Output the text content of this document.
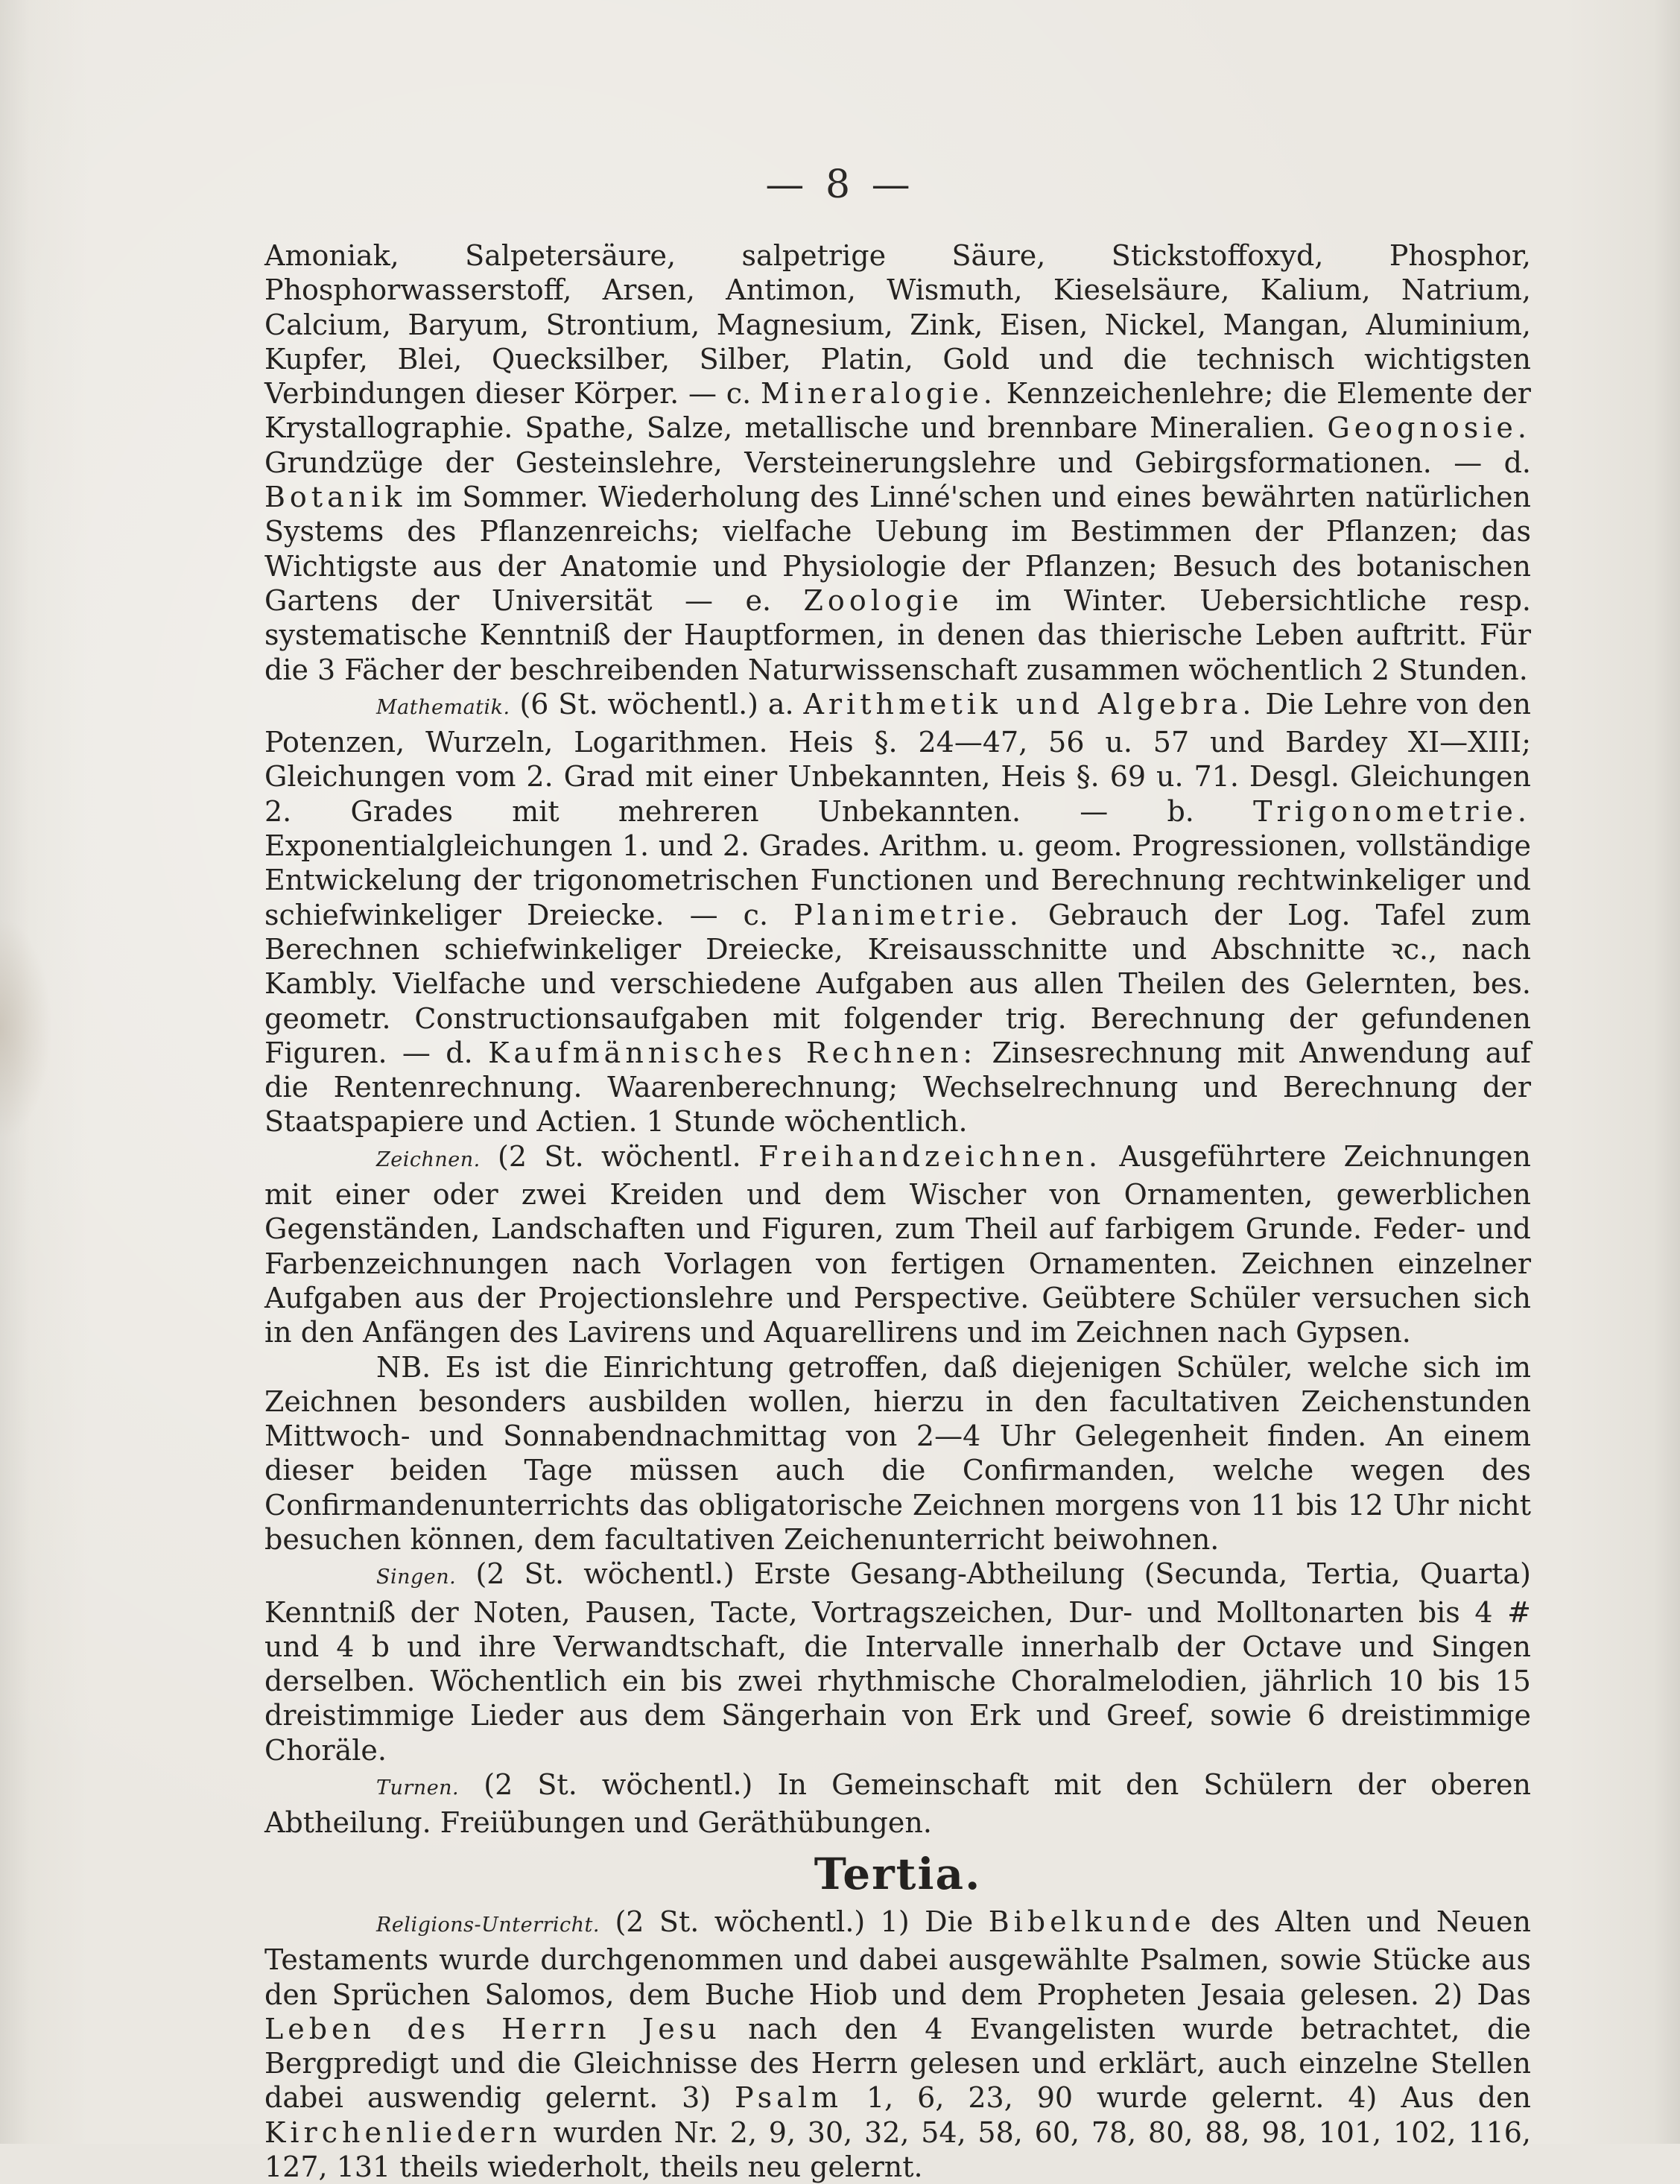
— 8 —

Amoniak, Salpetersäure, salpetrige Säure, Stickstoffoxyd, Phosphor, Phosphorwasserstoff, Arsen, Antimon, Wismuth, Kieselsäure, Kalium, Natrium, Calcium, Baryum, Strontium, Magnesium, Zink, Eisen, Nickel, Mangan, Aluminium, Kupfer, Blei, Quecksilber, Silber, Platin, Gold und die technisch wichtigsten Verbindungen dieser Körper. — c. Mineralogie. Kennzeichenlehre; die Elemente der Krystallographie. Spathe, Salze, metallische und brennbare Mineralien. Geognosie. Grundzüge der Gesteinslehre, Versteinerungslehre und Gebirgsformationen. — d. Botanik im Sommer. Wiederholung des Linné'schen und eines bewährten natürlichen Systems des Pflanzenreichs; vielfache Uebung im Bestimmen der Pflanzen; das Wichtigste aus der Anatomie und Physiologie der Pflanzen; Besuch des botanischen Gartens der Universität — e. Zoologie im Winter. Uebersichtliche resp. systematische Kenntniß der Hauptformen, in denen das thierische Leben auftritt. Für die 3 Fächer der beschreibenden Naturwissenschaft zusammen wöchentlich 2 Stunden.

Mathematik. (6 St. wöchentl.) a. Arithmetik und Algebra. Die Lehre von den Potenzen, Wurzeln, Logarithmen. Heis §. 24—47, 56 u. 57 und Bardey XI—XIII; Gleichungen vom 2. Grad mit einer Unbekannten, Heis §. 69 u. 71. Desgl. Gleichungen 2. Grades mit mehreren Unbekannten. — b. Trigonometrie. Exponentialgleichungen 1. und 2. Grades. Arithm. u. geom. Progressionen, vollständige Entwickelung der trigonometrischen Functionen und Berechnung rechtwinkeliger und schiefwinkeliger Dreiecke. — c. Planimetrie. Gebrauch der Log. Tafel zum Berechnen schiefwinkeliger Dreiecke, Kreisausschnitte und Abschnitte ꝛc., nach Kambly. Vielfache und verschiedene Aufgaben aus allen Theilen des Gelernten, bes. geometr. Constructionsaufgaben mit folgender trig. Berechnung der gefundenen Figuren. — d. Kaufmännisches Rechnen: Zinsesrechnung mit Anwendung auf die Rentenrechnung. Waarenberechnung; Wechselrechnung und Berechnung der Staatspapiere und Actien. 1 Stunde wöchentlich.

Zeichnen. (2 St. wöchentl. Freihandzeichnen. Ausgeführtere Zeichnungen mit einer oder zwei Kreiden und dem Wischer von Ornamenten, gewerblichen Gegenständen, Landschaften und Figuren, zum Theil auf farbigem Grunde. Feder- und Farbenzeichnungen nach Vorlagen von fertigen Ornamenten. Zeichnen einzelner Aufgaben aus der Projectionslehre und Perspective. Geübtere Schüler versuchen sich in den Anfängen des Lavirens und Aquarellirens und im Zeichnen nach Gypsen.

NB. Es ist die Einrichtung getroffen, daß diejenigen Schüler, welche sich im Zeichnen besonders ausbilden wollen, hierzu in den facultativen Zeichenstunden Mittwoch- und Sonnabendnachmittag von 2—4 Uhr Gelegenheit finden. An einem dieser beiden Tage müssen auch die Confirmanden, welche wegen des Confirmandenunterrichts das obligatorische Zeichnen morgens von 11 bis 12 Uhr nicht besuchen können, dem facultativen Zeichenunterricht beiwohnen.

Singen. (2 St. wöchentl.) Erste Gesang-Abtheilung (Secunda, Tertia, Quarta) Kenntniß der Noten, Pausen, Tacte, Vortragszeichen, Dur- und Molltonarten bis 4 # und 4 b und ihre Verwandtschaft, die Intervalle innerhalb der Octave und Singen derselben. Wöchentlich ein bis zwei rhythmische Choralmelodien, jährlich 10 bis 15 dreistimmige Lieder aus dem Sängerhain von Erk und Greef, sowie 6 dreistimmige Choräle.

Turnen. (2 St. wöchentl.) In Gemeinschaft mit den Schülern der oberen Abtheilung. Freiübungen und Geräthübungen.

Tertia.

Religions-Unterricht. (2 St. wöchentl.) 1) Die Bibelkunde des Alten und Neuen Testaments wurde durchgenommen und dabei ausgewählte Psalmen, sowie Stücke aus den Sprüchen Salomos, dem Buche Hiob und dem Propheten Jesaia gelesen. 2) Das Leben des Herrn Jesu nach den 4 Evangelisten wurde betrachtet, die Bergpredigt und die Gleichnisse des Herrn gelesen und erklärt, auch einzelne Stellen dabei auswendig gelernt. 3) Psalm 1, 6, 23, 90 wurde gelernt. 4) Aus den Kirchenliedern wurden Nr. 2, 9, 30, 32, 54, 58, 60, 78, 80, 88, 98, 101, 102, 116, 127, 131 theils wiederholt, theils neu gelernt.
